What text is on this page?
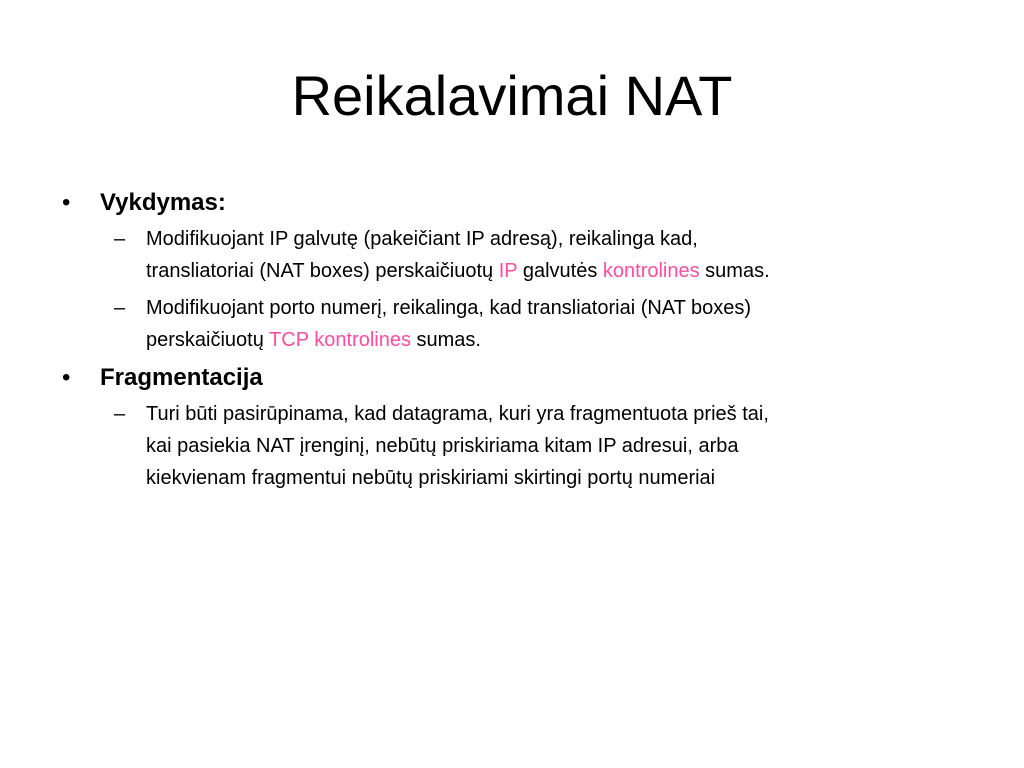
Reikalavimai NAT
• Vykdymas:
– Modifikuojant IP galvutę (pakeičiant IP adresą), reikalinga kad,
transliatoriai (NAT boxes) perskaičiuotų IP galvutės kontrolines sumas.
– Modifikuojant porto numerį, reikalinga, kad transliatoriai (NAT boxes)
perskaičiuotų TCP kontrolines sumas.
• Fragmentacija
– Turi būti pasirūpinama, kad datagrama, kuri yra fragmentuota prieš tai,
kai pasiekia NAT įrenginį, nebūtų priskiriama kitam IP adresui, arba
kiekvienam fragmentui nebūtų priskiriami skirtingi portų numeriai
